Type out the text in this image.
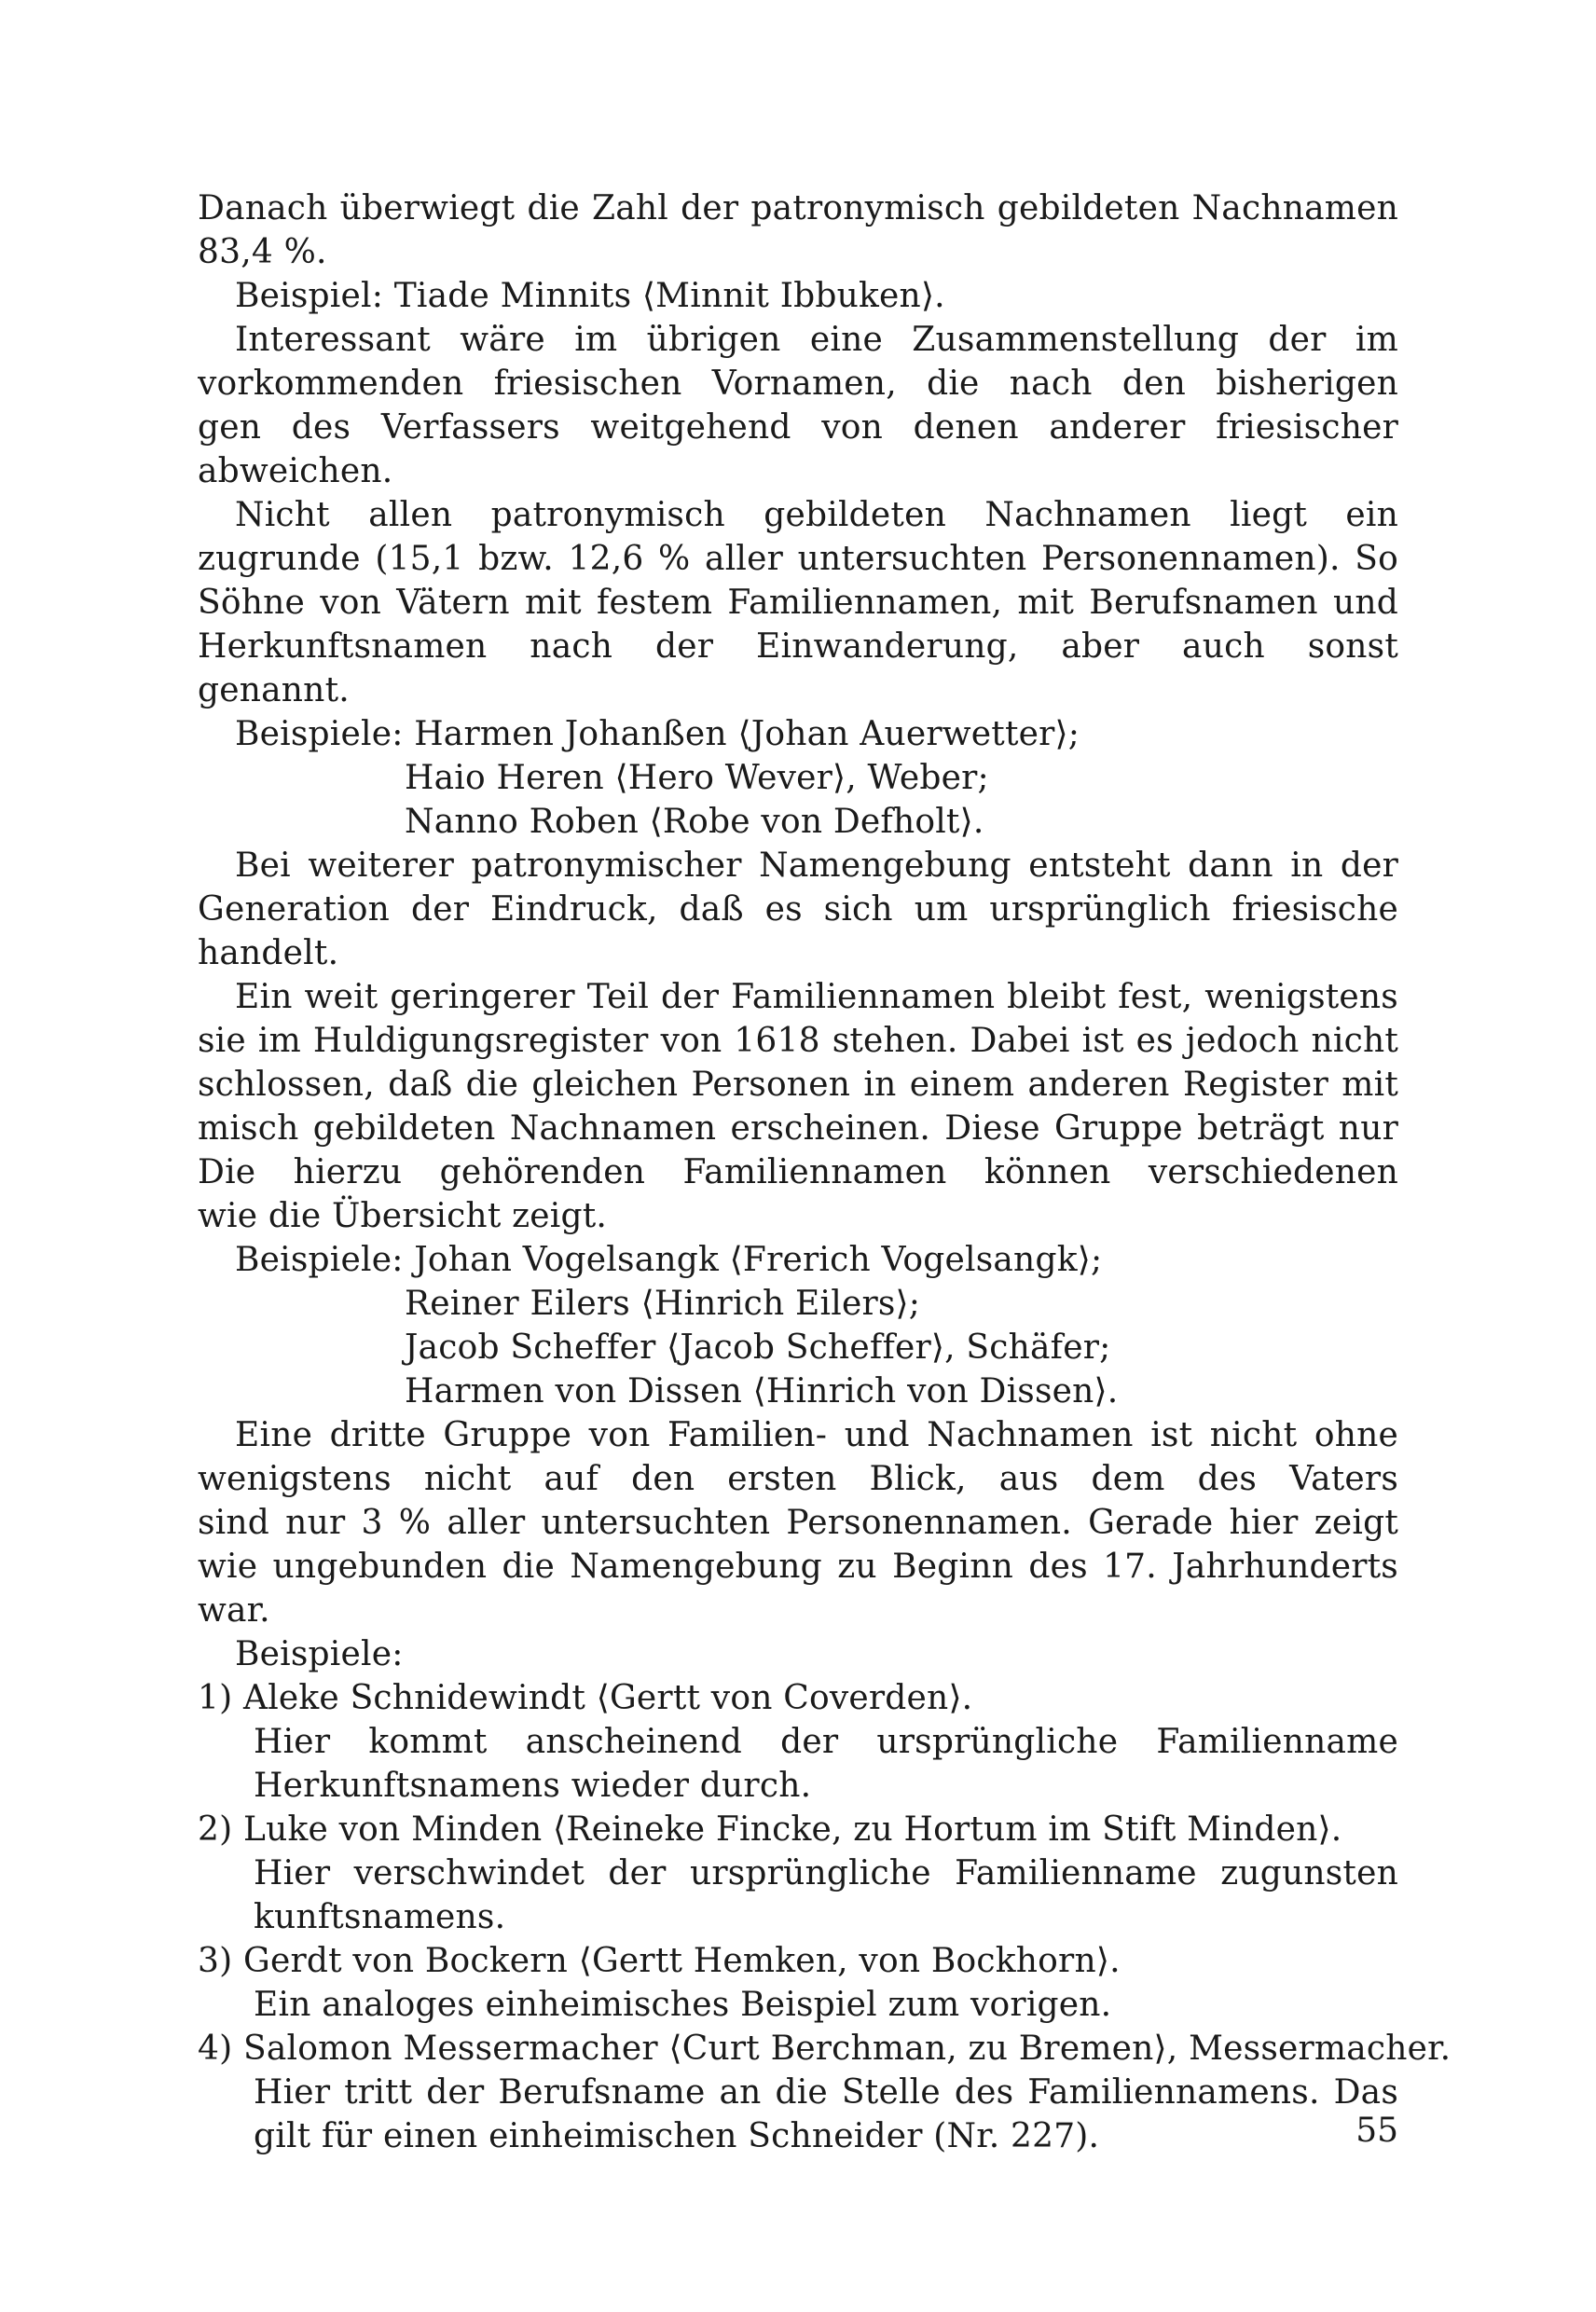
Danach überwiegt die Zahl der patronymisch gebildeten Nachnamen
83,4 %.
Beispiel: Tiade Minnits ⟨Minnit Ibbuken⟩.
Interessant wäre im übrigen eine Zusammenstellung der im
vorkommenden friesischen Vornamen, die nach den bisherigen
gen des Verfassers weitgehend von denen anderer friesischer
abweichen.
Nicht allen patronymisch gebildeten Nachnamen liegt ein
zugrunde (15,1 bzw. 12,6 % aller untersuchten Personennamen). So
Söhne von Vätern mit festem Familiennamen, mit Berufsnamen und
Herkunftsnamen nach der Einwanderung, aber auch sonst
genannt.
Beispiele: Harmen Johanßen ⟨Johan Auerwetter⟩;
Haio Heren ⟨Hero Wever⟩, Weber;
Nanno Roben ⟨Robe von Defholt⟩.
Bei weiterer patronymischer Namengebung entsteht dann in der
Generation der Eindruck, daß es sich um ursprünglich friesische
handelt.
Ein weit geringerer Teil der Familiennamen bleibt fest, wenigstens
sie im Huldigungsregister von 1618 stehen. Dabei ist es jedoch nicht
schlossen, daß die gleichen Personen in einem anderen Register mit
misch gebildeten Nachnamen erscheinen. Diese Gruppe beträgt nur
Die hierzu gehörenden Familiennamen können verschiedenen
wie die Übersicht zeigt.
Beispiele: Johan Vogelsangk ⟨Frerich Vogelsangk⟩;
Reiner Eilers ⟨Hinrich Eilers⟩;
Jacob Scheffer ⟨Jacob Scheffer⟩, Schäfer;
Harmen von Dissen ⟨Hinrich von Dissen⟩.
Eine dritte Gruppe von Familien- und Nachnamen ist nicht ohne
wenigstens nicht auf den ersten Blick, aus dem des Vaters
sind nur 3 % aller untersuchten Personennamen. Gerade hier zeigt
wie ungebunden die Namengebung zu Beginn des 17. Jahrhunderts
war.
Beispiele:
1) Aleke Schnidewindt ⟨Gertt von Coverden⟩.
Hier kommt anscheinend der ursprüngliche Familienname
Herkunftsnamens wieder durch.
2) Luke von Minden ⟨Reineke Fincke, zu Hortum im Stift Minden⟩.
Hier verschwindet der ursprüngliche Familienname zugunsten
kunftsnamens.
3) Gerdt von Bockern ⟨Gertt Hemken, von Bockhorn⟩.
Ein analoges einheimisches Beispiel zum vorigen.
4) Salomon Messermacher ⟨Curt Berchman, zu Bremen⟩, Messermacher.
Hier tritt der Berufsname an die Stelle des Familiennamens. Das
gilt für einen einheimischen Schneider (Nr. 227).	55
